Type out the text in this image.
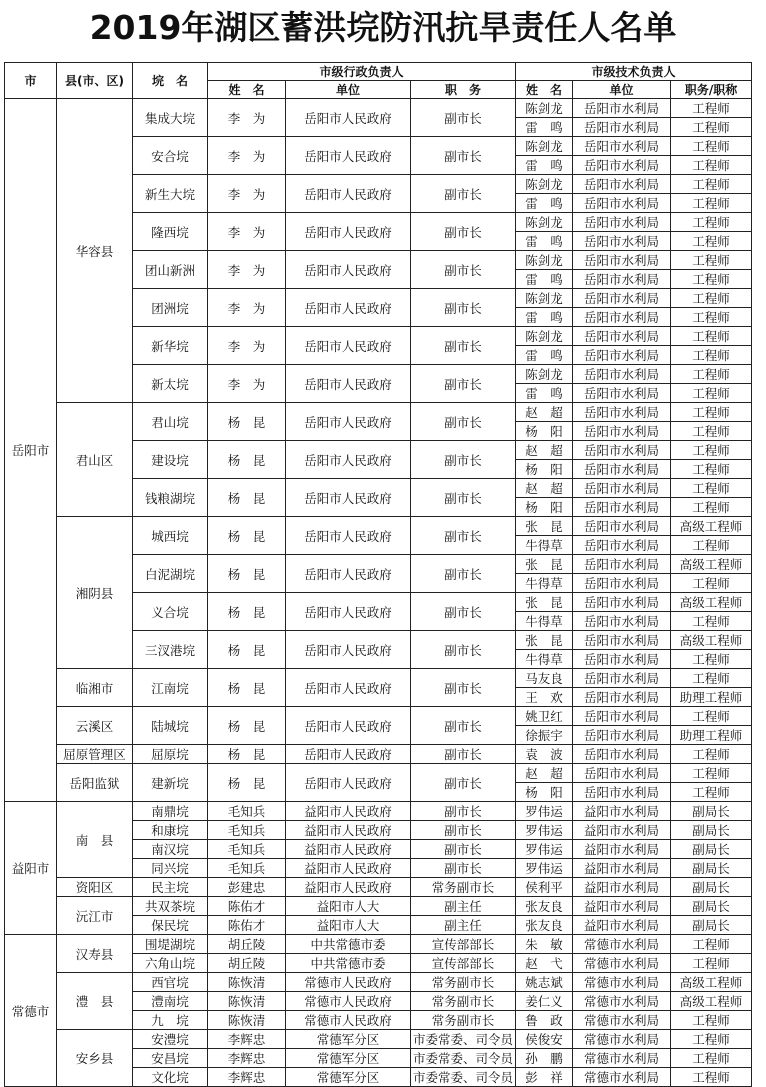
2019年湖区蓄洪垸防汛抗旱责任人名单
市	县(市、区)	垸　名	市级行政负责人			市级技术负责人		
			姓　名	单位	职　务	姓　名	单位	职务/职称
岳阳市	华容县	集成大垸	李　为	岳阳市人民政府	副市长	陈剑龙	岳阳市水利局	工程师
						雷　鸣	岳阳市水利局	工程师
		安合垸	李　为	岳阳市人民政府	副市长	陈剑龙	岳阳市水利局	工程师
						雷　鸣	岳阳市水利局	工程师
		新生大垸	李　为	岳阳市人民政府	副市长	陈剑龙	岳阳市水利局	工程师
						雷　鸣	岳阳市水利局	工程师
		隆西垸	李　为	岳阳市人民政府	副市长	陈剑龙	岳阳市水利局	工程师
						雷　鸣	岳阳市水利局	工程师
		团山新洲	李　为	岳阳市人民政府	副市长	陈剑龙	岳阳市水利局	工程师
						雷　鸣	岳阳市水利局	工程师
		团洲垸	李　为	岳阳市人民政府	副市长	陈剑龙	岳阳市水利局	工程师
						雷　鸣	岳阳市水利局	工程师
		新华垸	李　为	岳阳市人民政府	副市长	陈剑龙	岳阳市水利局	工程师
						雷　鸣	岳阳市水利局	工程师
		新太垸	李　为	岳阳市人民政府	副市长	陈剑龙	岳阳市水利局	工程师
						雷　鸣	岳阳市水利局	工程师
	君山区	君山垸	杨　昆	岳阳市人民政府	副市长	赵　超	岳阳市水利局	工程师
						杨　阳	岳阳市水利局	工程师
		建设垸	杨　昆	岳阳市人民政府	副市长	赵　超	岳阳市水利局	工程师
						杨　阳	岳阳市水利局	工程师
		钱粮湖垸	杨　昆	岳阳市人民政府	副市长	赵　超	岳阳市水利局	工程师
						杨　阳	岳阳市水利局	工程师
	湘阴县	城西垸	杨　昆	岳阳市人民政府	副市长	张　昆	岳阳市水利局	高级工程师
						牛得草	岳阳市水利局	工程师
		白泥湖垸	杨　昆	岳阳市人民政府	副市长	张　昆	岳阳市水利局	高级工程师
						牛得草	岳阳市水利局	工程师
		义合垸	杨　昆	岳阳市人民政府	副市长	张　昆	岳阳市水利局	高级工程师
						牛得草	岳阳市水利局	工程师
		三汊港垸	杨　昆	岳阳市人民政府	副市长	张　昆	岳阳市水利局	高级工程师
						牛得草	岳阳市水利局	工程师
	临湘市	江南垸	杨　昆	岳阳市人民政府	副市长	马友良	岳阳市水利局	工程师
						王　欢	岳阳市水利局	助理工程师
	云溪区	陆城垸	杨　昆	岳阳市人民政府	副市长	姚卫红	岳阳市水利局	工程师
						徐振宇	岳阳市水利局	助理工程师
	屈原管理区	屈原垸	杨　昆	岳阳市人民政府	副市长	袁　波	岳阳市水利局	工程师
	岳阳监狱	建新垸	杨　昆	岳阳市人民政府	副市长	赵　超	岳阳市水利局	工程师
						杨　阳	岳阳市水利局	工程师
益阳市	南　县	南鼎垸	毛知兵	益阳市人民政府	副市长	罗伟运	益阳市水利局	副局长
		和康垸	毛知兵	益阳市人民政府	副市长	罗伟运	益阳市水利局	副局长
		南汉垸	毛知兵	益阳市人民政府	副市长	罗伟运	益阳市水利局	副局长
		同兴垸	毛知兵	益阳市人民政府	副市长	罗伟运	益阳市水利局	副局长
	资阳区	民主垸	彭建忠	益阳市人民政府	常务副市长	侯利平	益阳市水利局	副局长
	沅江市	共双茶垸	陈佑才	益阳市人大	副主任	张友良	益阳市水利局	副局长
		保民垸	陈佑才	益阳市人大	副主任	张友良	益阳市水利局	副局长
常德市	汉寿县	围堤湖垸	胡丘陵	中共常德市委	宣传部部长	朱　敏	常德市水利局	工程师
		六角山垸	胡丘陵	中共常德市委	宣传部部长	赵　弋	常德市水利局	工程师
	澧　县	西官垸	陈恢清	常德市人民政府	常务副市长	姚志斌	常德市水利局	高级工程师
		澧南垸	陈恢清	常德市人民政府	常务副市长	姜仁义	常德市水利局	高级工程师
		九　垸	陈恢清	常德市人民政府	常务副市长	鲁　政	常德市水利局	工程师
	安乡县	安澧垸	李辉忠	常德军分区	市委常委、司令员	侯俊安	常德市水利局	工程师
		安昌垸	李辉忠	常德军分区	市委常委、司令员	孙　鹏	常德市水利局	工程师
		文化垸	李辉忠	常德军分区	市委常委、司令员	彭　祥	常德市水利局	工程师
